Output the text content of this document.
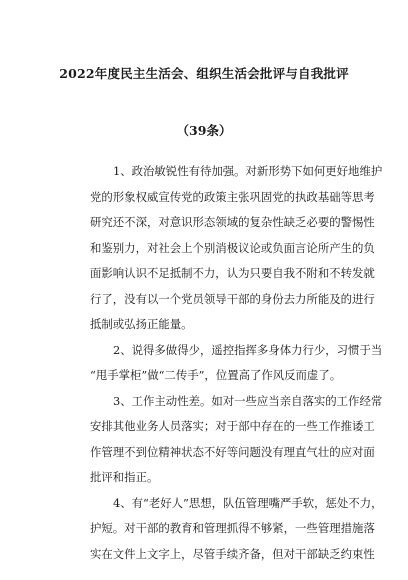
2022年度民主生活会、组织生活会批评与自我批评
（39条）
1、政治敏锐性有待加强。对新形势下如何更好地维护
党的形象权威宣传党的政策主张巩固党的执政基础等思考
研究还不深，对意识形态领域的复杂性缺乏必要的警惕性
和鉴别力，对社会上个别消极议论或负面言论所产生的负
面影响认识不足抵制不力，认为只要自我不附和不转发就
行了，没有以一个党员领导干部的身份去力所能及的进行
抵制或弘扬正能量。
2、说得多做得少，遥控指挥多身体力行少，习惯于当
“甩手掌柜”做“二传手”，位置高了作风反而虚了。
3、工作主动性差。如对一些应当亲自落实的工作经常
安排其他业务人员落实；对于部中存在的一些工作推诿工
作管理不到位精神状态不好等问题没有理直气壮的应对面
批评和指正。
4、有“老好人”思想，队伍管理嘴严手软，惩处不力，
护短。对干部的教育和管理抓得不够紧，一些管理措施落
实在文件上文字上，尽管手续齐备，但对干部缺乏约束性
